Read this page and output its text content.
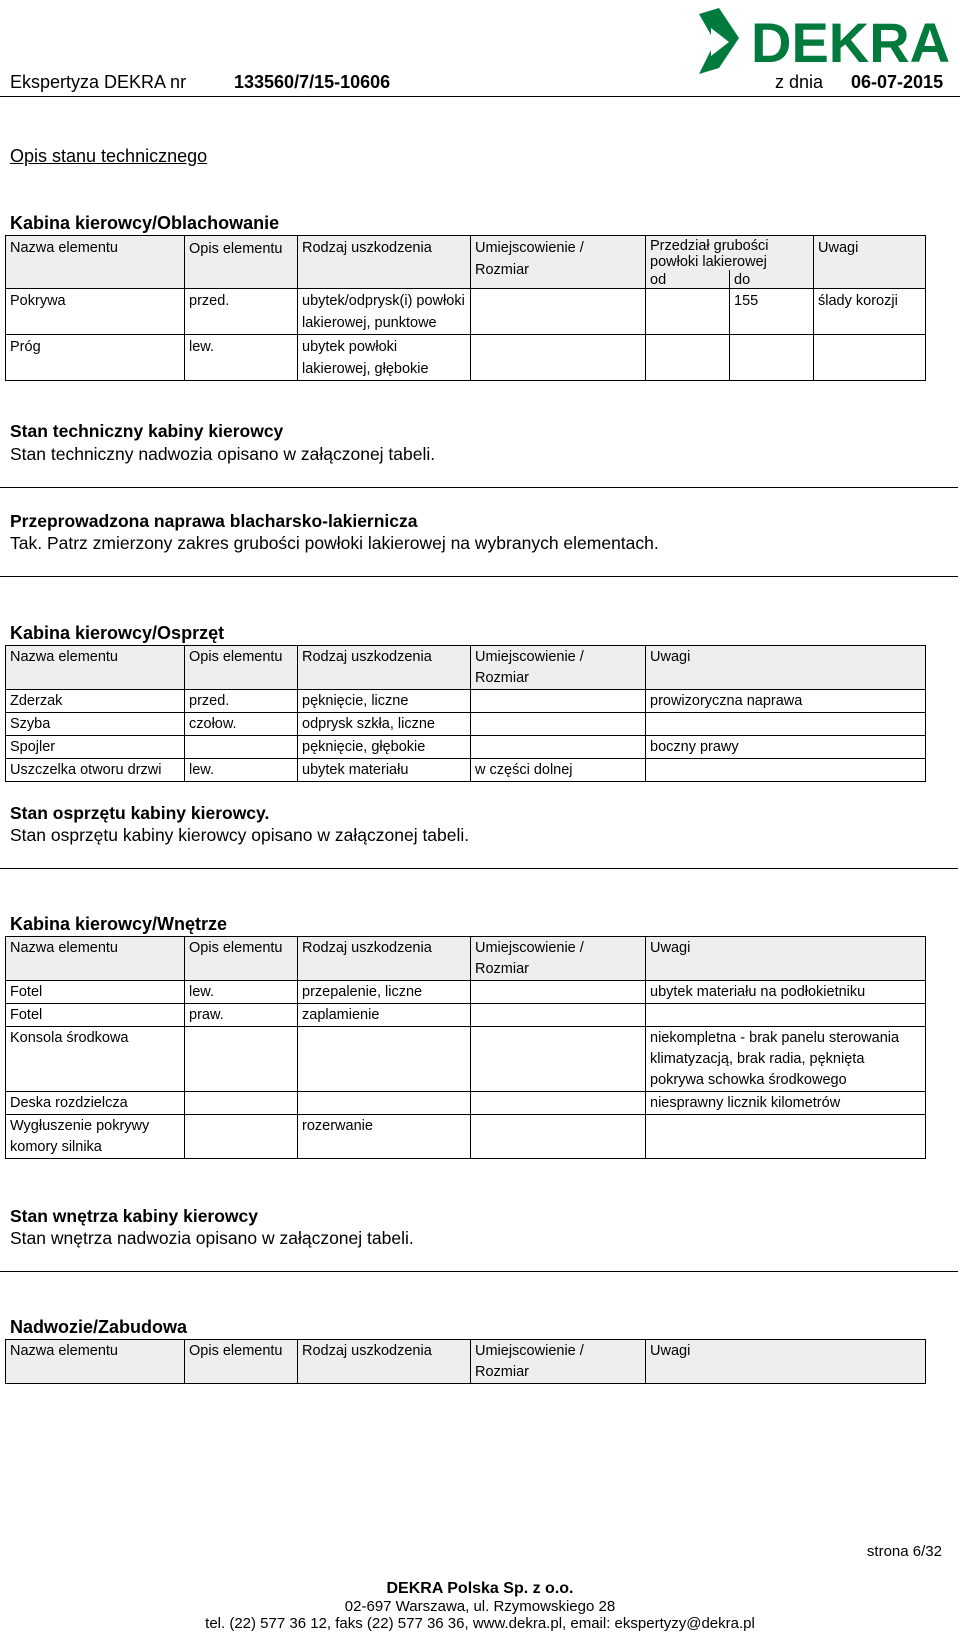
DEKRA
Ekspertyza DEKRA nr	133560/7/15-10606	z dnia 06-07-2015
Opis stanu technicznego
Kabina kierowcy/Oblachowanie
Nazwa elementu	Opis elementu	Rodzaj uszkodzenia	Umiejscowienie / Rozmiar	Przedział grubości powłoki lakierowej		Uwagi
				od	do	
Pokrywa	przed.	ubytek/odprysk(i) powłoki lakierowej, punktowe			155	ślady korozji
Próg	lew.	ubytek powłoki lakierowej, głębokie				
Stan techniczny kabiny kierowcy
Stan techniczny nadwozia opisano w załączonej tabeli.
Przeprowadzona naprawa blacharsko-lakiernicza
Tak. Patrz zmierzony zakres grubości powłoki lakierowej na wybranych elementach.
Kabina kierowcy/Osprzęt
Nazwa elementu	Opis elementu	Rodzaj uszkodzenia	Umiejscowienie / Rozmiar	Uwagi
Zderzak	przed.	pęknięcie, liczne		prowizoryczna naprawa
Szyba	czołow.	odprysk szkła, liczne		
Spojler		pęknięcie, głębokie		boczny prawy
Uszczelka otworu drzwi	lew.	ubytek materiału	w części dolnej	
Stan osprzętu kabiny kierowcy.
Stan osprzętu kabiny kierowcy opisano w załączonej tabeli.
Kabina kierowcy/Wnętrze
Nazwa elementu	Opis elementu	Rodzaj uszkodzenia	Umiejscowienie / Rozmiar	Uwagi
Fotel	lew.	przepalenie, liczne		ubytek materiału na podłokietniku
Fotel	praw.	zaplamienie		
Konsola środkowa				niekompletna - brak panelu sterowania klimatyzacją, brak radia, pęknięta pokrywa schowka środkowego
Deska rozdzielcza				niesprawny licznik kilometrów
Wygłuszenie pokrywy komory silnika		rozerwanie		
Stan wnętrza kabiny kierowcy
Stan wnętrza nadwozia opisano w załączonej tabeli.
Nadwozie/Zabudowa
Nazwa elementu	Opis elementu	Rodzaj uszkodzenia	Umiejscowienie / Rozmiar	Uwagi
strona 6/32
DEKRA Polska Sp. z o.o.
02-697 Warszawa, ul. Rzymowskiego 28
tel. (22) 577 36 12, faks (22) 577 36 36, www.dekra.pl, email: ekspertyzy@dekra.pl
